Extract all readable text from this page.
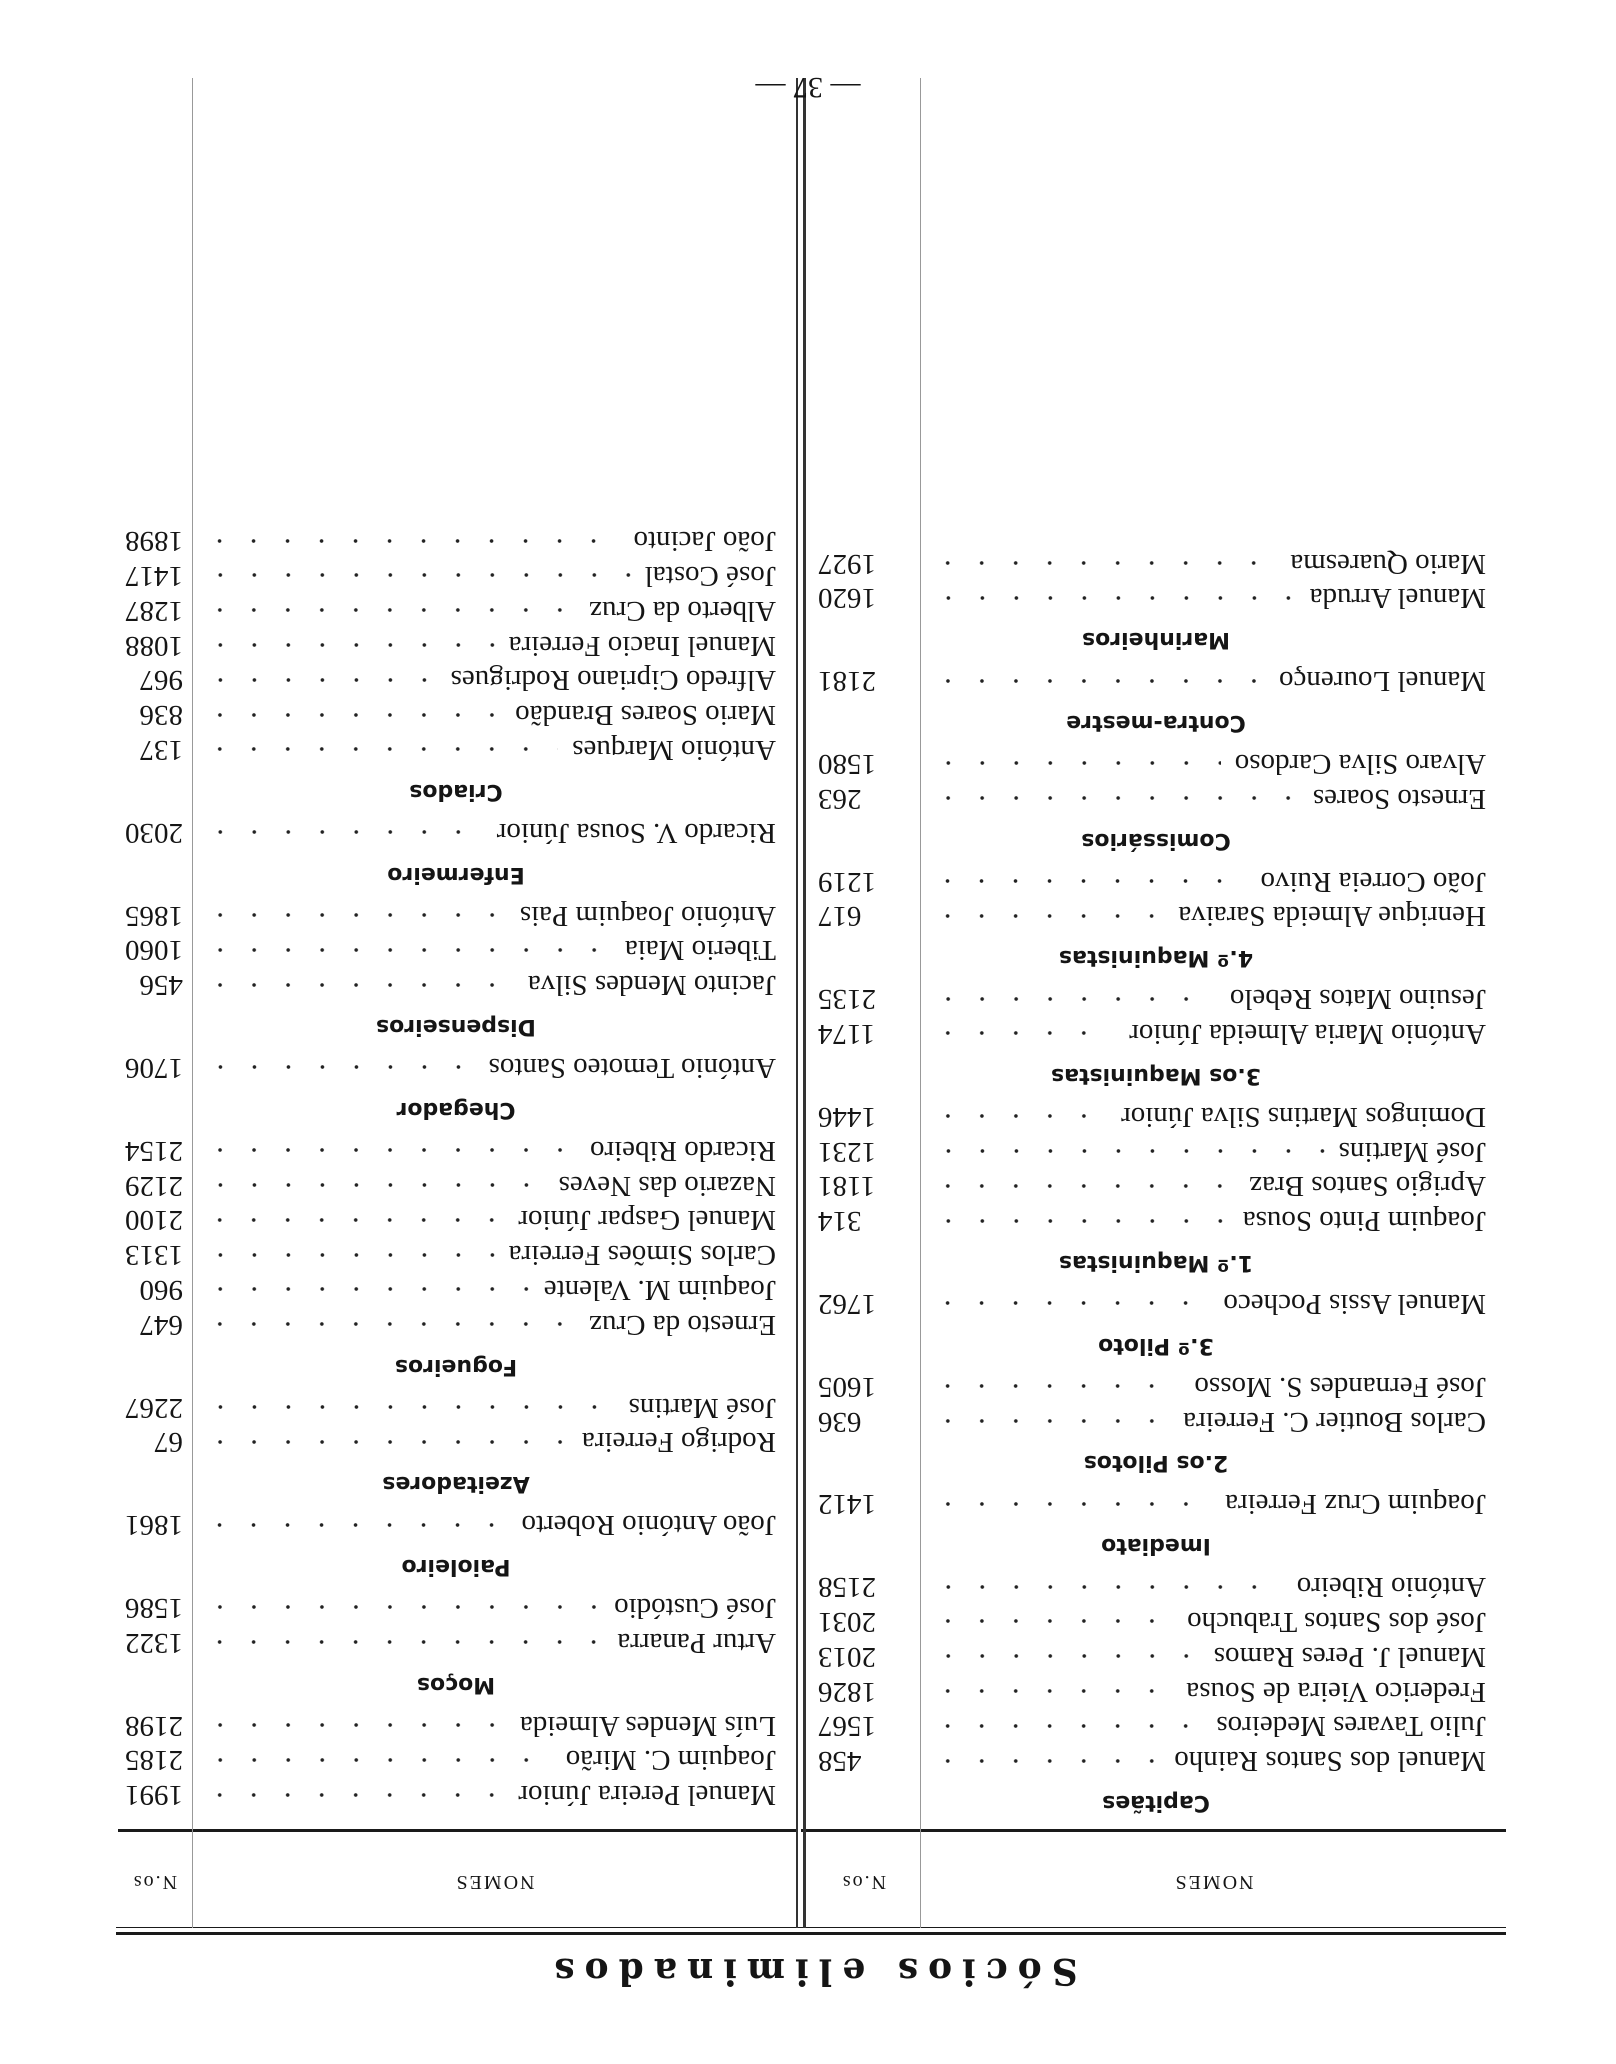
Sócios eliminados
NOMES
N.os
Capitães
Manuel dos Santos Rainho
458
Julio Tavares Medeiros
1567
Frederico Vieira de Sousa
1826
Manuel J. Peres Ramos
2013
José dos Santos Trabucho
2031
António Ribeiro
2158
Imediato
Joaquim Cruz Ferreira
1412
2.os Pilotos
Carlos Boutier C. Ferreira
636
José Fernandes S. Mosso
1605
3.º Piloto
Manuel Assis Pocheco
1762
1.º Maquinistas
Joaquim Pinto Sousa
314
Aprigio Santos Braz
1181
José Martins
1231
Domingos Martins Silva Júnior
1446
3.os Maquinistas
António Maria Almeida Júnior
1174
Jesuino Matos Rebelo
2135
4.º Maquinistas
Henrique Almeida Saraiva
617
João Correia Ruivo
1219
Comissários
Ernesto Soares
263
Alvaro Silva Cardoso
1580
Contra-mestre
Manuel Lourenço
2181
Marinheiros
Manuel Arruda
1620
Mario Quaresma
1927
NOMES
N.os
Manuel Pereira Júnior
1991
Joaquim C. Mirão
2185
Luís Mendes Almeida
2198
Moços
Artur Panarra
1322
José Custódio
1586
Paioleiro
João António Roberto
1861
Azeitadores
Rodrigo Ferreira
67
José Martins
2267
Fogueiros
Ernesto da Cruz
647
Joaquim M. Valente
960
Carlos Simões Ferreira
1313
Manuel Gaspar Júnior
2100
Nazario das Neves
2129
Ricardo Ribeiro
2154
Chegador
António Temoteo Santos
1706
Dispenseiros
Jacinto Mendes Silva
456
Tiberio Maia
1060
António Joaquim Pais
1865
Enfermeiro
Ricardo V. Sousa Júnior
2030
Criados
António Marques
137
Mario Soares Brandão
836
Alfredo Cipriano Rodrigues
967
Manuel Inacio Ferreira
1088
Alberto da Cruz
1287
José Costal
1417
João Jacinto
1898
— 37 —
